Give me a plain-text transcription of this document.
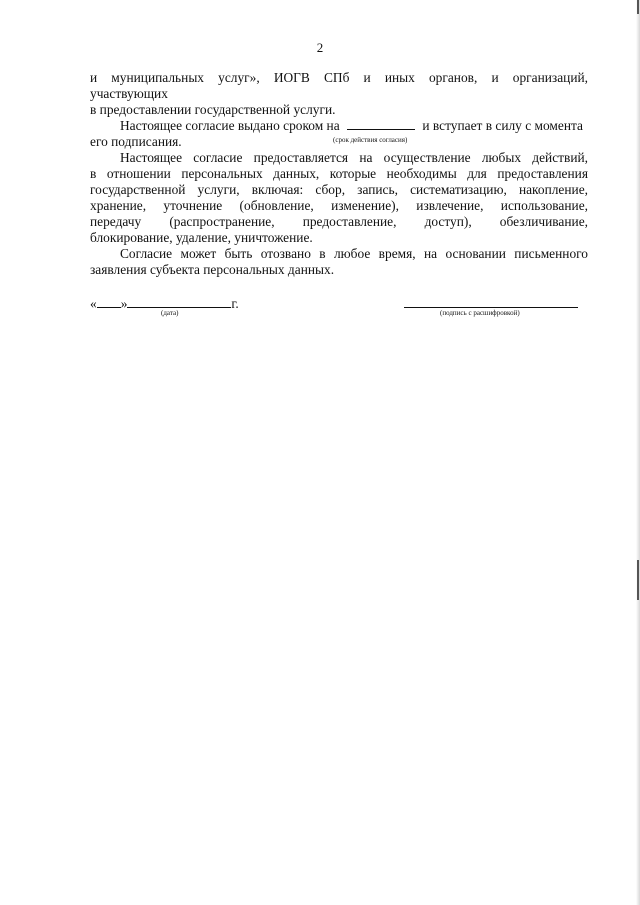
2
и муниципальных услуг», ИОГВ СПб и иных органов, и организаций,
участвующих
в предоставлении государственной услуги.
Настоящее согласие выдано сроком на	и вступает в силу с момента
(срок действия согласия)
его подписания.
Настоящее согласие предоставляется на осуществление любых действий,
в отношении персональных данных, которые необходимы для предоставления
государственной услуги, включая: сбор, запись, систематизацию, накопление,
хранение, уточнение (обновление, изменение), извлечение, использование,
передачу (распространение, предоставление, доступ), обезличивание,
блокирование, удаление, уничтожение.
Согласие может быть отозвано в любое время, на основании письменного
заявления субъекта персональных данных.
« »	г.
(дата)	(подпись с расшифровкой)
